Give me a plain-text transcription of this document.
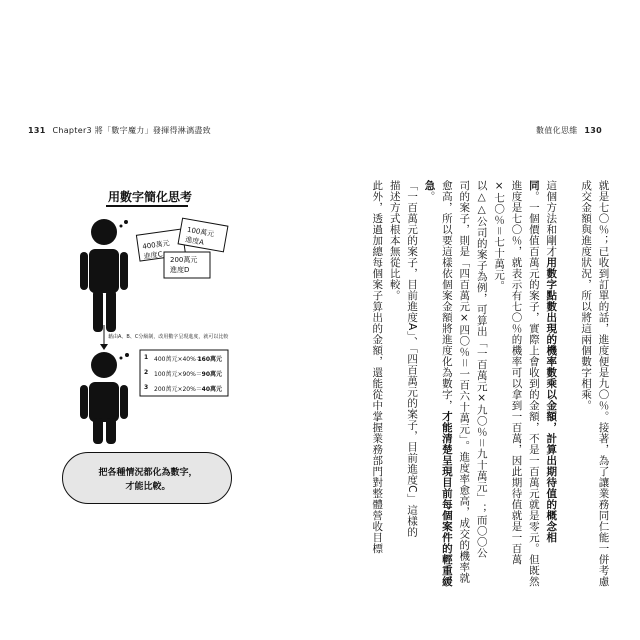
131 Chapter3 將「數字魔力」發揮得淋漓盡致	數值化思維 130
400萬元
進度C
100萬元
進度A
200萬元
進度D
藉由A、B、C分級制，改用數字呈現進度，就可以比較
1 400萬元×40%＝
160萬元
2 100萬元×90%＝ 90萬元
3 200萬元×20%＝ 40萬元
把各種情況都化為數字，
才能比較。
用數字簡化思考	就是七〇％；已收到訂單的話，進度便是九〇％。接著，為了讓業務同仁能一併考慮
成交金額與進度狀況，所以將這兩個數字相乘。
這個方法和剛才用數字點數出現的機率數乘以金額，計算出期待值的概念相
同。一個價值百萬元的案子，實際上會收到的金額，不是一百萬元就是零元。但既然
進度是七〇％，就表示有七〇％的機率可以拿到一百萬，因此期待值就是一百萬
×七〇％＝七十萬元。
以△△公司的案子為例，可算出「一百萬元×九〇％＝九十萬元」；而〇〇公
司的案子，則是「四百萬元×四〇％＝一百六十萬元」。進度率愈高，成交的機率就
愈高，所以要這樣依個案金額將進度化為數字，才能清楚呈現目前每個案件的輕重緩
急。
「一百萬元的案子，目前進度A」、「四百萬元的案子，目前進度C」這樣的
描述方式根本無從比較。
此外，透過加總每個案子算出的金額，還能從中掌握業務部門對整體營收目標
